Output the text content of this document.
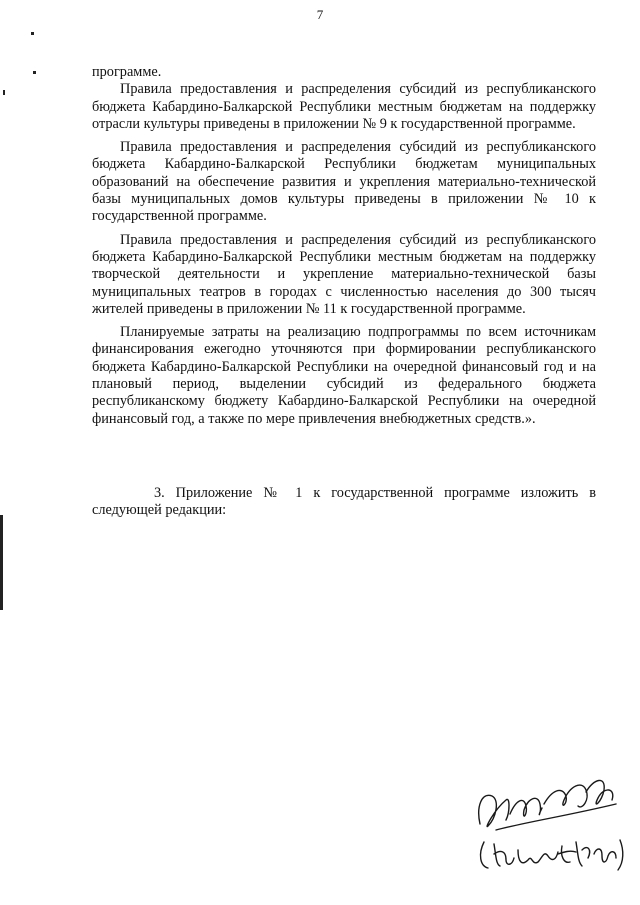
7

программе.

Правила предоставления и распределения субсидий из республиканского бюджета Кабардино-Балкарской Республики местным бюджетам на поддержку отрасли культуры приведены в приложении № 9 к государственной программе.

Правила предоставления и распределения субсидий из республиканского бюджета Кабардино-Балкарской Республики бюджетам муниципальных образований на обеспечение развития и укрепления материально-технической базы муниципальных домов культуры приведены в приложении № 10 к государственной программе.

Правила предоставления и распределения субсидий из республиканского бюджета Кабардино-Балкарской Республики местным бюджетам на поддержку творческой деятельности и укрепление материально-технической базы муниципальных театров в городах с численностью населения до 300 тысяч жителей приведены в приложении № 11 к государственной программе.

Планируемые затраты на реализацию подпрограммы по всем источникам финансирования ежегодно уточняются при формировании республиканского бюджета Кабардино-Балкарской Республики на очередной финансовый год и на плановый период, выделении субсидий из федерального бюджета республиканскому бюджету Кабардино-Балкарской Республики на очередной финансовый год, а также по мере привлечения внебюджетных средств.».

3. Приложение № 1 к государственной программе изложить в следующей редакции:
